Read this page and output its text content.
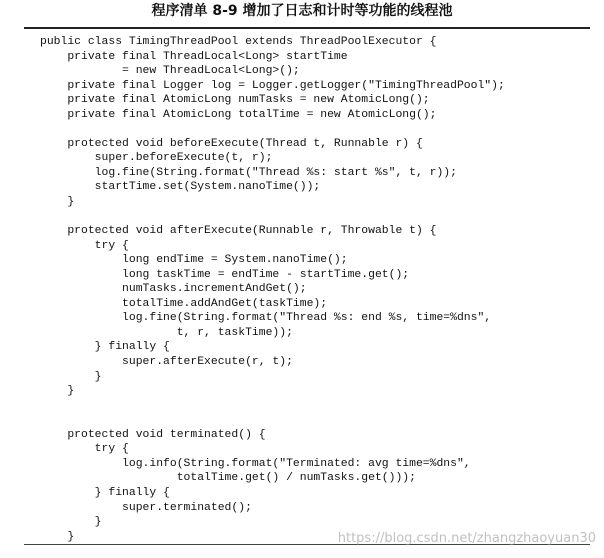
程序清单 8-9 增加了日志和计时等功能的线程池
public class TimingThreadPool extends ThreadPoolExecutor {
private final ThreadLocal<Long> startTime
= new ThreadLocal<Long>();
private final Logger log = Logger.getLogger("TimingThreadPool");
private final AtomicLong numTasks = new AtomicLong();
private final AtomicLong totalTime = new AtomicLong();
protected void beforeExecute(Thread t, Runnable r) {
super.beforeExecute(t, r);
log.fine(String.format("Thread %s: start %s", t, r));
startTime.set(System.nanoTime());
}
protected void afterExecute(Runnable r, Throwable t) {
try {
long endTime = System.nanoTime();
long taskTime = endTime - startTime.get();
numTasks.incrementAndGet();
totalTime.addAndGet(taskTime);
log.fine(String.format("Thread %s: end %s, time=%dns",
t, r, taskTime));
} finally {
super.afterExecute(r, t);
}
}
protected void terminated() {
try {
log.info(String.format("Terminated: avg time=%dns",
totalTime.get() / numTasks.get()));
} finally {
super.terminated();
}
}	https://blog.csdn.net/zhangzhaoyuan30
